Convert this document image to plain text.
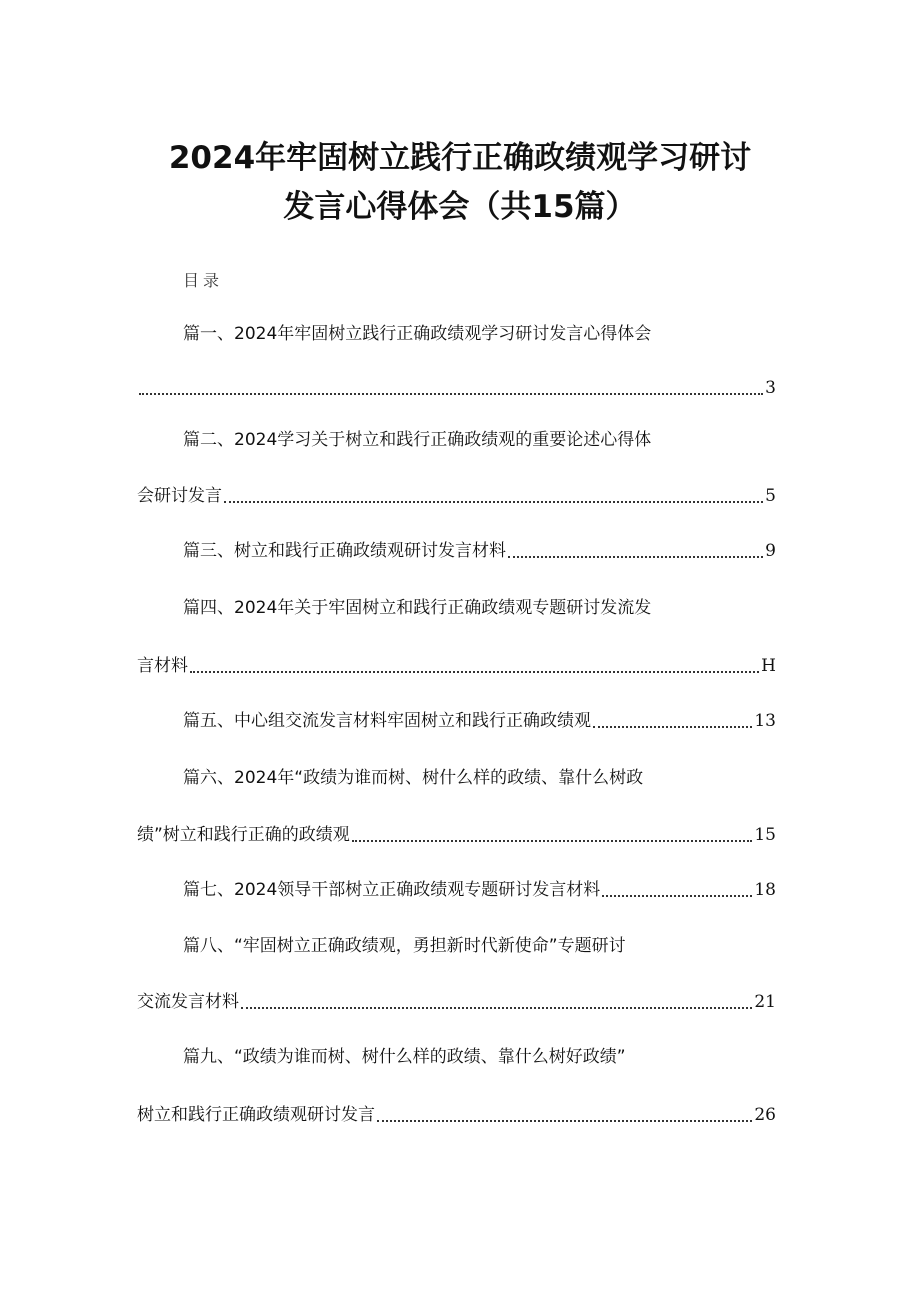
2024年牢固树立践行正确政绩观学习研讨
发言心得体会（共15篇）
目录
篇一、2024年牢固树立践行正确政绩观学习研讨发言心得体会
3
篇二、2024学习关于树立和践行正确政绩观的重要论述心得体
会研讨发言	5
篇三、树立和践行正确政绩观研讨发言材料	9
篇四、2024年关于牢固树立和践行正确政绩观专题研讨发流发
言材料	H
篇五、中心组交流发言材料牢固树立和践行正确政绩观	13
篇六、2024年“政绩为谁而树、树什么样的政绩、靠什么树政
绩”树立和践行正确的政绩观	15
篇七、2024领导干部树立正确政绩观专题研讨发言材料	18
篇八、“牢固树立正确政绩观，勇担新时代新使命”专题研讨
交流发言材料	21
篇九、“政绩为谁而树、树什么样的政绩、靠什么树好政绩”
树立和践行正确政绩观研讨发言	26
